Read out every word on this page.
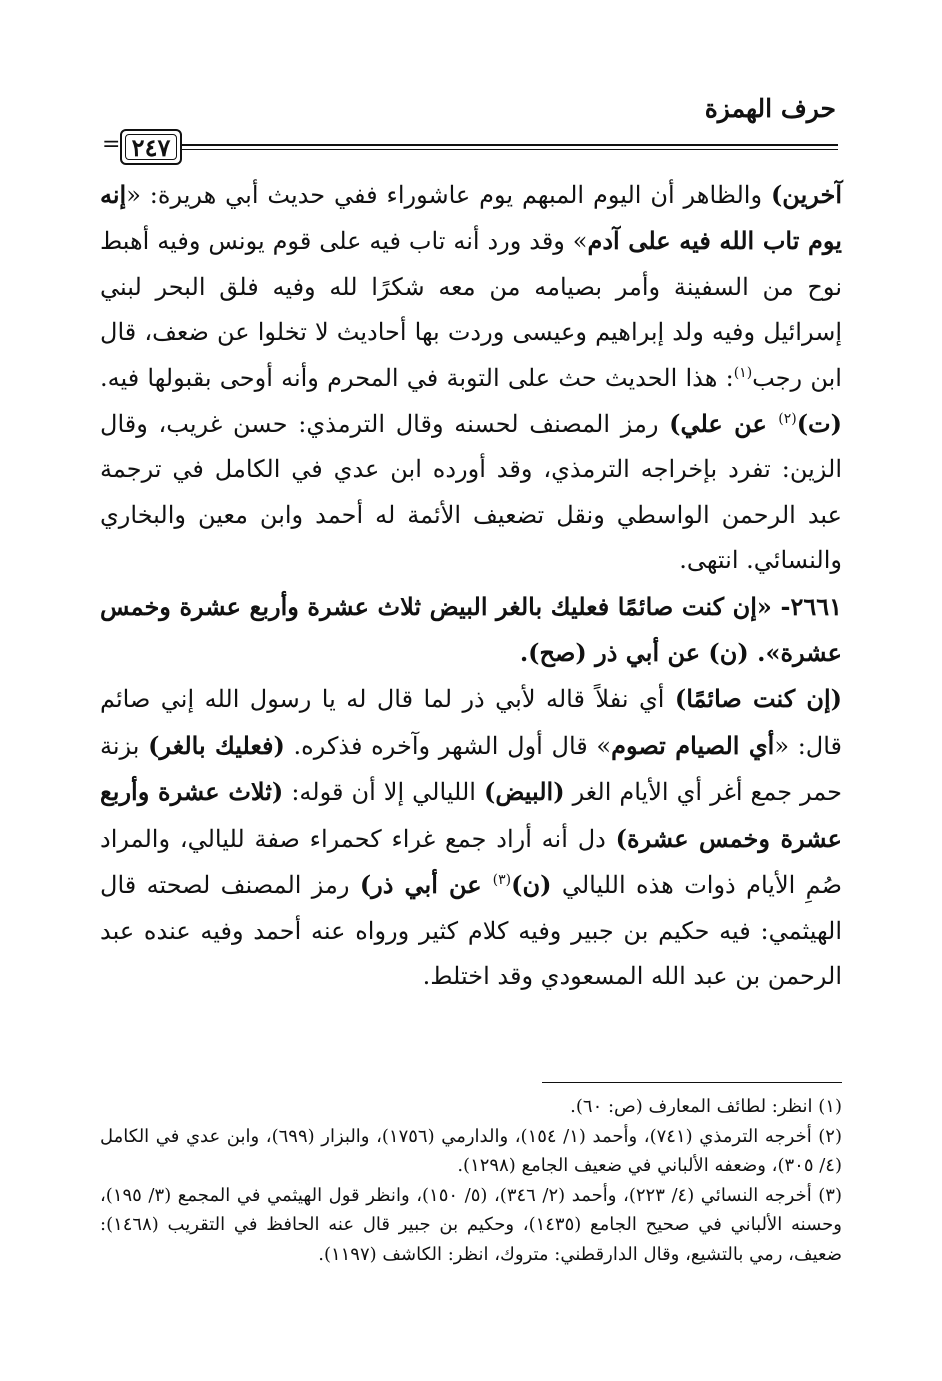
حرف الهمزة
٢٤٧
=

آخرين) والظاهر أن اليوم المبهم يوم عاشوراء ففي حديث أبي هريرة: «إنه يوم تاب الله فيه على آدم» وقد ورد أنه تاب فيه على قوم يونس وفيه أهبط نوح من السفينة وأمر بصيامه من معه شكرًا لله وفيه فلق البحر لبني إسرائيل وفيه ولد إبراهيم وعيسى وردت بها أحاديث لا تخلوا عن ضعف، قال ابن رجب$^{(١)}$: هذا الحديث حث على التوبة في المحرم وأنه أوحى بقبولها فيه. (ت)$^{(٢)}$ عن علي) رمز المصنف لحسنه وقال الترمذي: حسن غريب، وقال الزين: تفرد بإخراجه الترمذي، وقد أورده ابن عدي في الكامل في ترجمة عبد الرحمن الواسطي ونقل تضعيف الأئمة له أحمد وابن معين والبخاري والنسائي. انتهى.

٢٦٦١- «إن كنت صائمًا فعليك بالغر البيض ثلاث عشرة وأربع عشرة وخمس عشرة». (ن) عن أبي ذر (صح).

(إن كنت صائمًا) أي نفلاً قاله لأبي ذر لما قال له يا رسول الله إني صائم قال: «أي الصيام تصوم» قال أول الشهر وآخره فذكره. (فعليك بالغر) بزنة حمر جمع أغر أي الأيام الغر (البيض) الليالي إلا أن قوله: (ثلاث عشرة وأربع عشرة وخمس عشرة) دل أنه أراد جمع غراء كحمراء صفة لليالي، والمراد صُمِ الأيام ذوات هذه الليالي (ن)$^{(٣)}$ عن أبي ذر) رمز المصنف لصحته قال الهيثمي: فيه حكيم بن جبير وفيه كلام كثير ورواه عنه أحمد وفيه عنده عبد الرحمن بن عبد الله المسعودي وقد اختلط.

(١) انظر: لطائف المعارف (ص: ٦٠).

(٢) أخرجه الترمذي (٧٤١)، وأحمد (١/ ١٥٤)، والدارمي (١٧٥٦)، والبزار (٦٩٩)، وابن عدي في الكامل (٤/ ٣٠٥)، وضعفه الألباني في ضعيف الجامع (١٢٩٨).

(٣) أخرجه النسائي (٤/ ٢٢٣)، وأحمد (٢/ ٣٤٦)، (٥/ ١٥٠)، وانظر قول الهيثمي في المجمع (٣/ ١٩٥)، وحسنه الألباني في صحيح الجامع (١٤٣٥)، وحكيم بن جبير قال عنه الحافظ في التقريب (١٤٦٨): ضعيف، رمي بالتشيع، وقال الدارقطني: متروك، انظر: الكاشف (١١٩٧).
